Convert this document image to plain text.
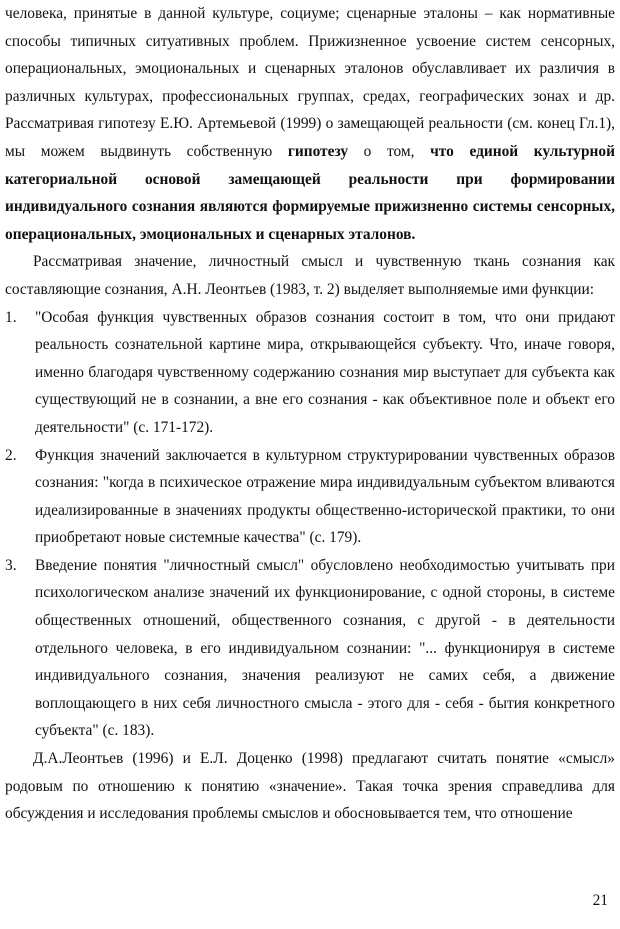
человека, принятые в данной культуре, социуме; сценарные эталоны – как нормативные способы типичных ситуативных проблем. Прижизненное усвоение систем сенсорных, операциональных, эмоциональных и сценарных эталонов обуславливает их различия в различных культурах, профессиональных группах, средах, географических зонах и др. Рассматривая гипотезу Е.Ю. Артемьевой (1999) о замещающей реальности (см. конец Гл.1), мы можем выдвинуть собственную гипотезу о том, что единой культурной категориальной основой замещающей реальности при формировании индивидуального сознания являются формируемые прижизненно системы сенсорных, операциональных, эмоциональных и сценарных эталонов.

Рассматривая значение, личностный смысл и чувственную ткань сознания как составляющие сознания, А.Н. Леонтьев (1983, т. 2) выделяет выполняемые ими функции:

1. "Особая функция чувственных образов сознания состоит в том, что они придают реальность сознательной картине мира, открывающейся субъекту. Что, иначе говоря, именно благодаря чувственному содержанию сознания мир выступает для субъекта как существующий не в сознании, а вне его сознания - как объективное поле и объект его деятельности" (с. 171-172).
2. Функция значений заключается в культурном структурировании чувственных образов сознания: "когда в психическое отражение мира индивидуальным субъектом вливаются идеализированные в значениях продукты общественно-исторической практики, то они приобретают новые системные качества" (с. 179).
3. Введение понятия "личностный смысл" обусловлено необходимостью учитывать при психологическом анализе значений их функционирование, с одной стороны, в системе общественных отношений, общественного сознания, с другой - в деятельности отдельного человека, в его индивидуальном сознании: "... функционируя в системе индивидуального сознания, значения реализуют не самих себя, а движение воплощающего в них себя личностного смысла - этого для - себя - бытия конкретного субъекта" (с. 183).

Д.А.Леонтьев (1996) и Е.Л. Доценко (1998) предлагают считать понятие «смысл» родовым по отношению к понятию «значение». Такая точка зрения справедлива для обсуждения и исследования проблемы смыслов и обосновывается тем, что отношение

21
